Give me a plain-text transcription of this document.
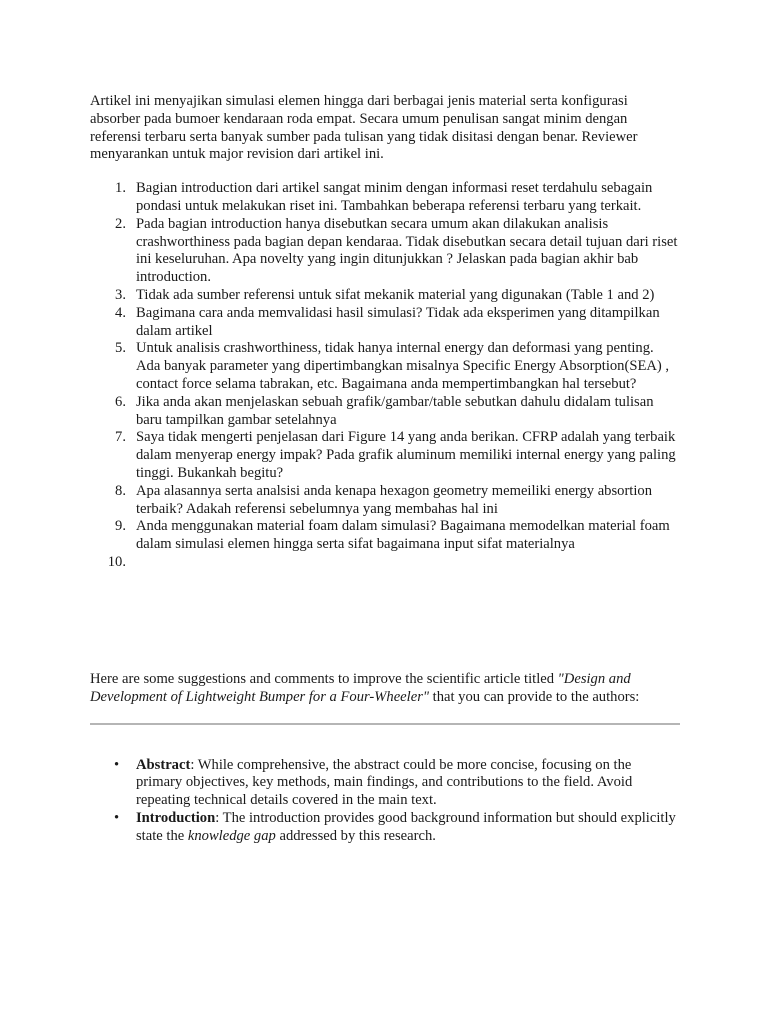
Artikel ini menyajikan simulasi elemen hingga dari berbagai jenis material serta konfigurasi absorber pada bumoer kendaraan roda empat. Secara umum penulisan sangat minim dengan referensi terbaru serta banyak sumber pada tulisan yang tidak disitasi dengan benar. Reviewer menyarankan untuk major revision dari artikel ini.

1. Bagian introduction dari artikel sangat minim dengan informasi reset terdahulu sebagain pondasi untuk melakukan riset ini. Tambahkan beberapa referensi terbaru yang terkait.
2. Pada bagian introduction hanya disebutkan secara umum akan dilakukan analisis crashworthiness pada bagian depan kendaraa. Tidak disebutkan secara detail tujuan dari riset ini keseluruhan. Apa novelty yang ingin ditunjukkan ? Jelaskan pada bagian akhir bab introduction.
3. Tidak ada sumber referensi untuk sifat mekanik material yang digunakan (Table 1 and 2)
4. Bagimana cara anda memvalidasi hasil simulasi? Tidak ada eksperimen yang ditampilkan dalam artikel
5. Untuk analisis crashworthiness, tidak hanya internal energy dan deformasi yang penting. Ada banyak parameter yang dipertimbangkan misalnya Specific Energy Absorption(SEA) , contact force selama tabrakan, etc. Bagaimana anda mempertimbangkan hal tersebut?
6. Jika anda akan menjelaskan sebuah grafik/gambar/table sebutkan dahulu didalam tulisan baru tampilkan gambar setelahnya
7. Saya tidak mengerti penjelasan dari Figure 14 yang anda berikan. CFRP adalah yang terbaik dalam menyerap energy impak? Pada grafik aluminum memiliki internal energy yang paling tinggi. Bukankah begitu?
8. Apa alasannya serta analsisi anda kenapa hexagon geometry memeiliki energy absortion terbaik? Adakah referensi sebelumnya yang membahas hal ini
9. Anda menggunakan material foam dalam simulasi? Bagaimana memodelkan material foam dalam simulasi elemen hingga serta sifat bagaimana input sifat materialnya
10.

Here are some suggestions and comments to improve the scientific article titled "Design and Development of Lightweight Bumper for a Four-Wheeler" that you can provide to the authors:

• Abstract: While comprehensive, the abstract could be more concise, focusing on the primary objectives, key methods, main findings, and contributions to the field. Avoid repeating technical details covered in the main text.
• Introduction: The introduction provides good background information but should explicitly state the knowledge gap addressed by this research.
